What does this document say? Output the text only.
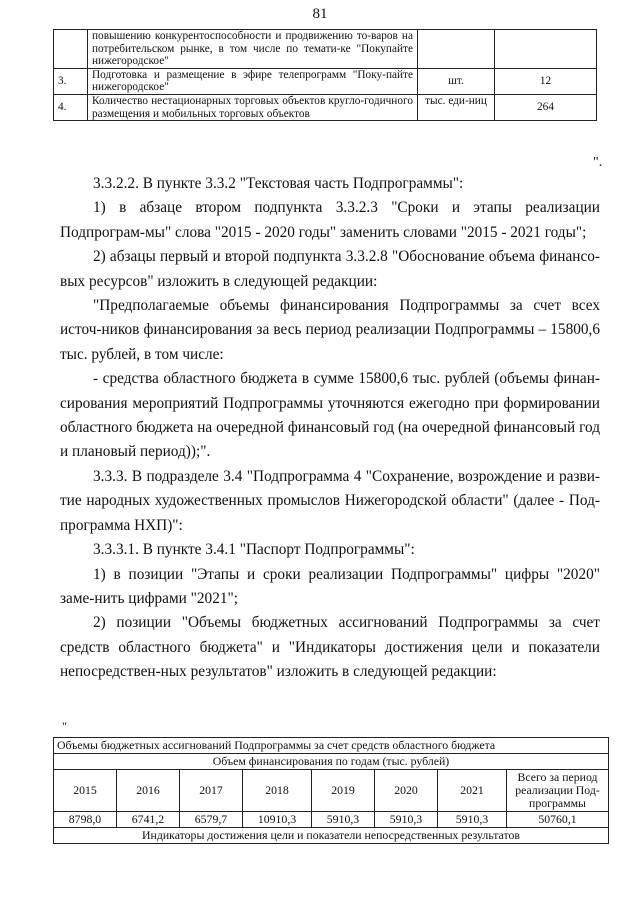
81
	повышению конкурентоспособности и продвижению то-варов на потребительском рынке, в том числе по темати-ке "Покупайте нижегородское"		
3.	Подготовка и размещение в эфире телепрограмм "Поку-пайте нижегородское"	шт.	12
4.	Количество нестационарных торговых объектов кругло-годичного размещения и мобильных торговых объектов	тыс. еди-ниц	264
".

3.3.2.2. В пункте 3.3.2 "Текстовая часть Подпрограммы":

1) в абзаце втором подпункта 3.3.2.3 "Сроки и этапы реализации Подпрограм-мы" слова "2015 - 2020 годы" заменить словами "2015 - 2021 годы";

2) абзацы первый и второй подпункта 3.3.2.8 "Обоснование объема финансо-вых ресурсов" изложить в следующей редакции:

"Предполагаемые объемы финансирования Подпрограммы за счет всех источ-ников финансирования за весь период реализации Подпрограммы – 15800,6 тыс. рублей, в том числе:

- средства областного бюджета в сумме 15800,6 тыс. рублей (объемы финан-сирования мероприятий Подпрограммы уточняются ежегодно при формировании областного бюджета на очередной финансовый год (на очередной финансовый год и плановый период));".

3.3.3. В подразделе 3.4 "Подпрограмма 4 "Сохранение, возрождение и разви-тие народных художественных промыслов Нижегородской области" (далее - Под-программа НХП)":

3.3.3.1. В пункте 3.4.1 "Паспорт Подпрограммы":

1) в позиции "Этапы и сроки реализации Подпрограммы" цифры "2020" заме-нить цифрами "2021";

2) позиции "Объемы бюджетных ассигнований Подпрограммы за счет средств областного бюджета" и "Индикаторы достижения цели и показатели непосредствен-ных результатов" изложить в следующей редакции:

"
Объемы бюджетных ассигнований Подпрограммы за счет средств областного бюджета							
Объем финансирования по годам (тыс. рублей)							
2015	2016	2017	2018	2019	2020	2021	Всего за период реализации Под-программы
8798,0	6741,2	6579,7	10910,3	5910,3	5910,3	5910,3	50760,1
Индикаторы достижения цели и показатели непосредственных результатов							
